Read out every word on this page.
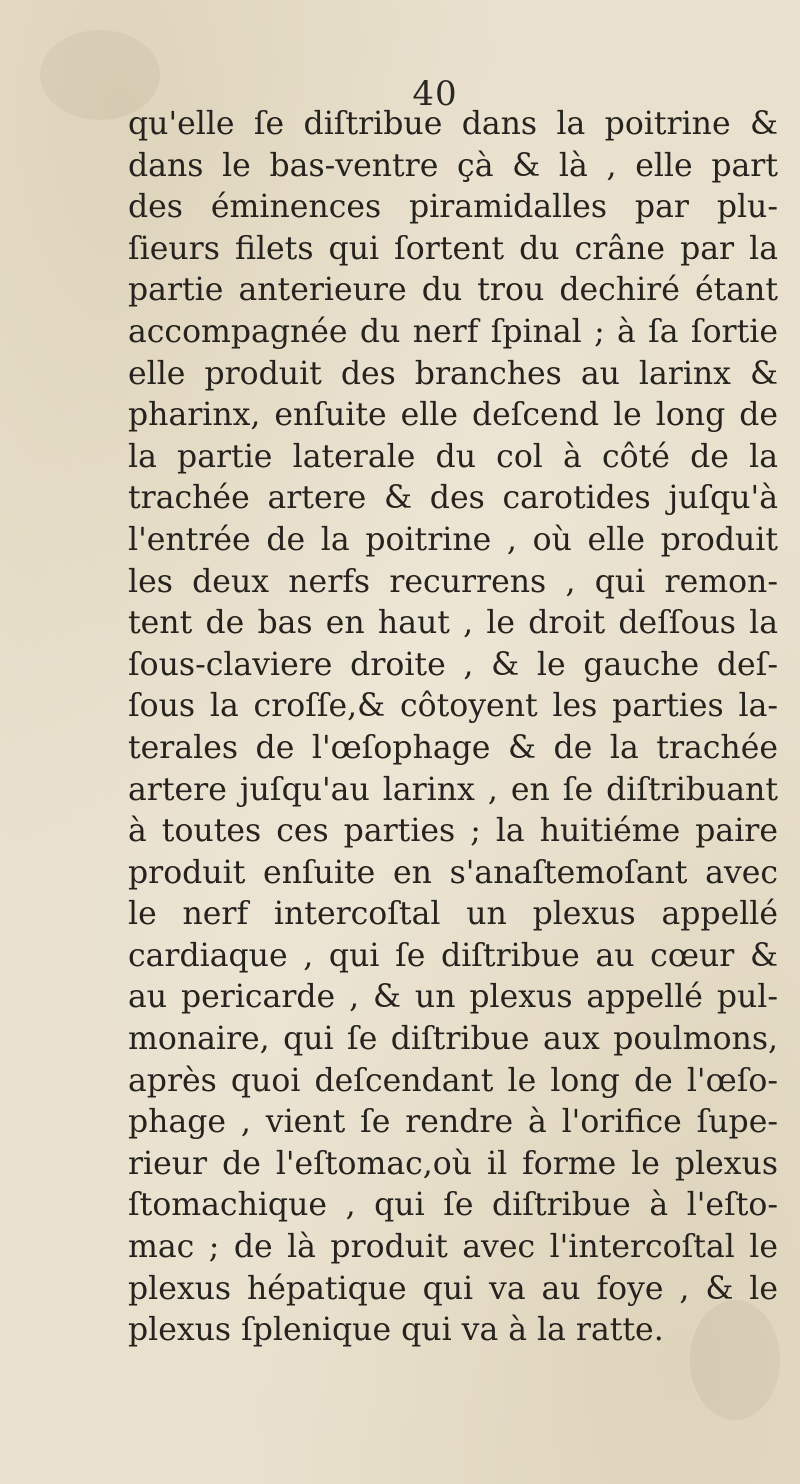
40
qu'elle ſe diſtribue dans la poitrine &
dans le bas-ventre çà & là , elle part
des éminences piramidalles par plu-
ſieurs filets qui ſortent du crâne par la
partie anterieure du trou dechiré étant
accompagnée du nerf ſpinal ; à ſa ſortie
elle produit des branches au larinx &
pharinx, enſuite elle deſcend le long de
la partie laterale du col à côté de la
trachée artere & des carotides juſqu'à
l'entrée de la poitrine , où elle produit
les deux nerfs recurrens , qui remon-
tent de bas en haut , le droit deſſous la
ſous-claviere droite , & le gauche deſ-
ſous la croſſe,& côtoyent les parties la-
terales de l'œſophage & de la trachée
artere juſqu'au larinx , en ſe diſtribuant
à toutes ces parties ; la huitiéme paire
produit enſuite en s'anaſtemoſant avec
le nerf intercoſtal un plexus appellé
cardiaque , qui ſe diſtribue au cœur &
au pericarde , & un plexus appellé pul-
monaire, qui ſe diſtribue aux poulmons,
après quoi deſcendant le long de l'œſo-
phage , vient ſe rendre à l'orifice ſupe-
rieur de l'eſtomac,où il forme le plexus
ſtomachique , qui ſe diſtribue à l'eſto-
mac ; de là produit avec l'intercoſtal le
plexus hépatique qui va au foye , & le
plexus ſplenique qui va à la ratte.
